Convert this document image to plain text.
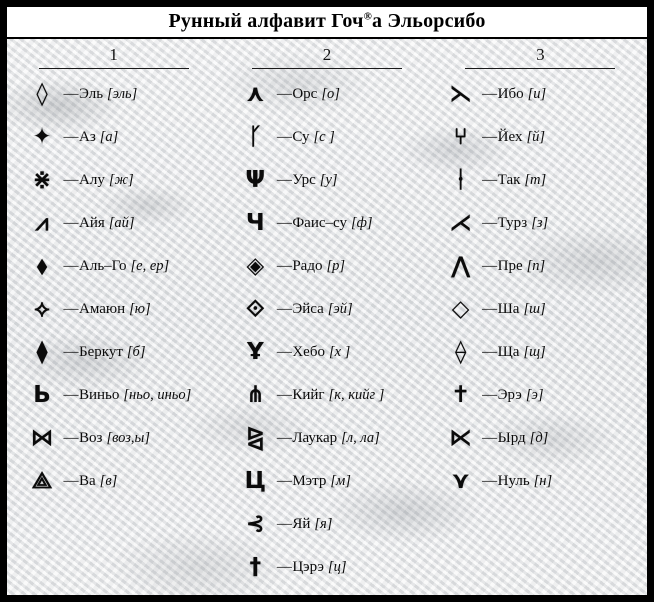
Рунный алфавит Гоч®а Эльорсибо
1	2	3
◊	— Эль [эль]
✦ — Аз [а]
⋇ — Алу [ж]
⩘	— Айя [ай]
⬧	— Аль–Го [е, ер]
⟡ — Амаюн [ю]
⧫	— Беркут [б]
Ь — Виньо [ньо, иньо]
⋈ — Воз [воз,ы]
⟁ — Ва [в]
⋏ — Орс [о]
ᚴ — Су [с ]
Ψ — Урс [у]
Ч — Фаис–су [ф]
◈ — Радо [р]
⟐ — Эйса [эй]
Ұ — Хебо [х ]
⋔ — Кийг [к, кийг ]
⧎ — Лаукар [л, ла]
Ц — Мэтр [м]
⊰ — Яй [я]
†	— Цэрэ [ц]
⋋ — Ибо [и]
⑂ — Йех [й]
ᚽ — Так [т]
⋌ — Турз [з]
⋀ — Пре [п]
◇ — Ша [ш]
⟠	— Ща [щ]
✝ — Эрэ [э]
⋉ — Ырд [д]
⋎ — Нуль [н]
